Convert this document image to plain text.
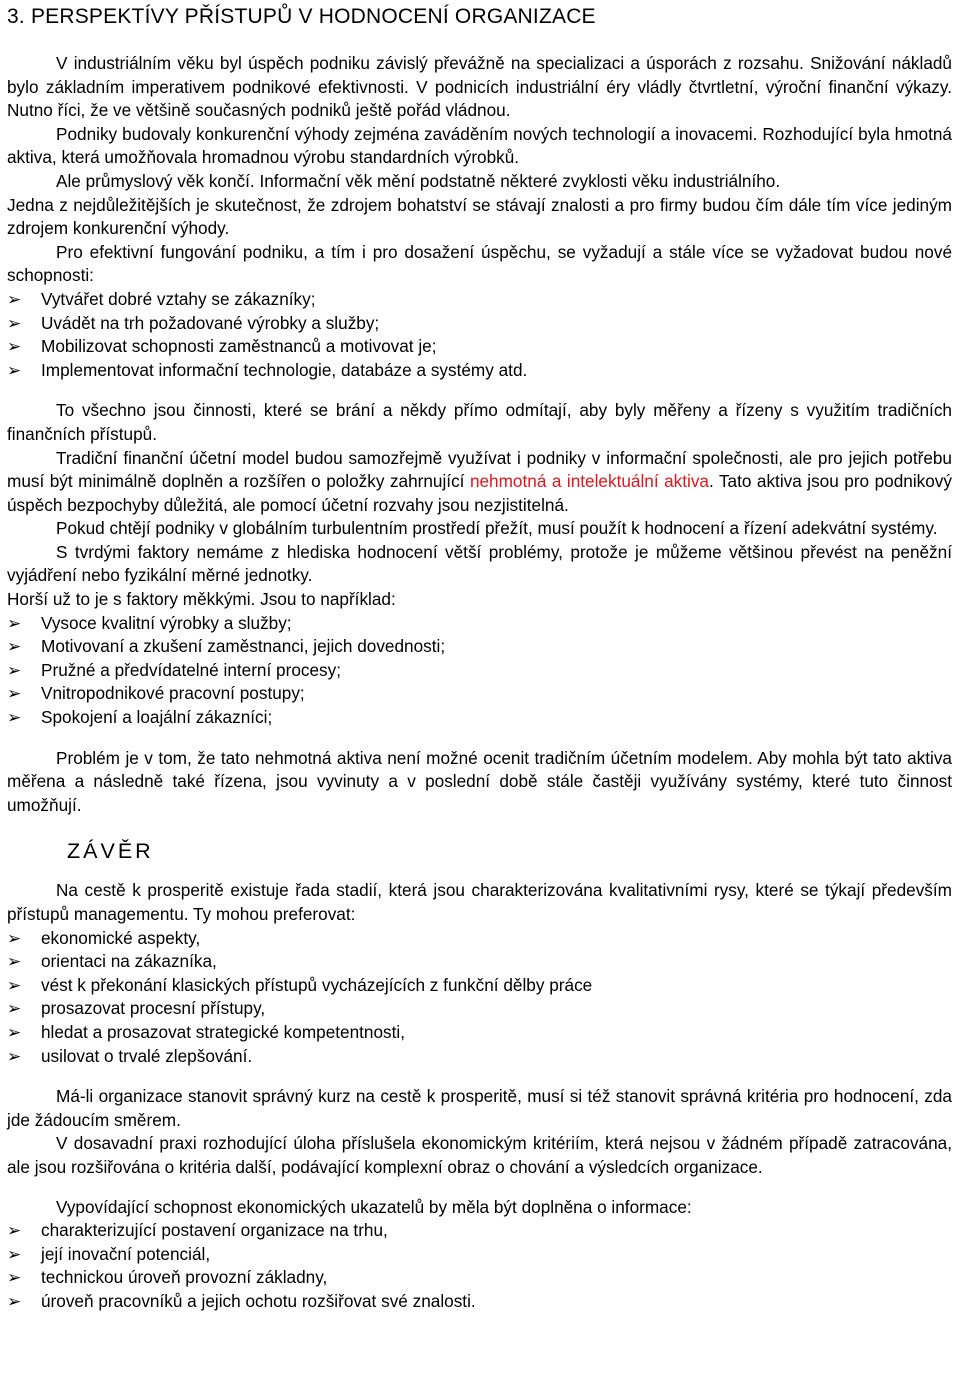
3. PERSPEKTÍVY PŘÍSTUPŮ V HODNOCENÍ ORGANIZACE

V industriálním věku byl úspěch podniku závislý převážně na specializaci a úsporách z rozsahu. Snižování nákladů bylo základním imperativem podnikové efektivnosti. V podnicích industriální éry vládly čtvrtletní, výroční finanční výkazy. Nutno říci, že ve většině současných podniků ještě pořád vládnou.

Podniky budovaly konkurenční výhody zejména zaváděním nových technologií a inovacemi. Rozhodující byla hmotná aktiva, která umožňovala hromadnou výrobu standardních výrobků.

Ale průmyslový věk končí. Informační věk mění podstatně některé zvyklosti věku industriálního.

Jedna z nejdůležitějších je skutečnost, že zdrojem bohatství se stávají znalosti a pro firmy budou čím dále tím více jediným zdrojem konkurenční výhody.

Pro efektivní fungování podniku, a tím i pro dosažení úspěchu, se vyžadují a stále více se vyžadovat budou nové schopnosti:

➢ Vytvářet dobré vztahy se zákazníky;
➢ Uvádět na trh požadované výrobky a služby;
➢ Mobilizovat schopnosti zaměstnanců a motivovat je;
➢ Implementovat informační technologie, databáze a systémy atd.

To všechno jsou činnosti, které se brání a někdy přímo odmítají, aby byly měřeny a řízeny s využitím tradičních finančních přístupů.

Tradiční finanční účetní model budou samozřejmě využívat i podniky v informační společnosti, ale pro jejich potřebu musí být minimálně doplněn a rozšířen o položky zahrnující nehmotná a intelektuální aktiva. Tato aktiva jsou pro podnikový úspěch bezpochyby důležitá, ale pomocí účetní rozvahy jsou nezjistitelná.

Pokud chtějí podniky v globálním turbulentním prostředí přežít, musí použít k hodnocení a řízení adekvátní systémy.

S tvrdými faktory nemáme z hlediska hodnocení větší problémy, protože je můžeme většinou převést na peněžní vyjádření nebo fyzikální měrné jednotky.

Horší už to je s faktory měkkými. Jsou to například:

➢ Vysoce kvalitní výrobky a služby;
➢ Motivovaní a zkušení zaměstnanci, jejich dovednosti;
➢ Pružné a předvídatelné interní procesy;
➢ Vnitropodnikové pracovní postupy;
➢ Spokojení a loajální zákazníci;

Problém je v tom, že tato nehmotná aktiva není možné ocenit tradičním účetním modelem. Aby mohla být tato aktiva měřena a následně také řízena, jsou vyvinuty a v poslední době stále častěji využívány systémy, které tuto činnost umožňují.

ZÁVĚR

Na cestě k prosperitě existuje řada stadií, která jsou charakterizována kvalitativními rysy, které se týkají především přístupů managementu. Ty mohou preferovat:

➢ ekonomické aspekty,
➢ orientaci na zákazníka,
➢ vést k překonání klasických přístupů vycházejících z funkční dělby práce
➢ prosazovat procesní přístupy,
➢ hledat a prosazovat strategické kompetentnosti,
➢ usilovat o trvalé zlepšování.

Má-li organizace stanovit správný kurz na cestě k prosperitě, musí si též stanovit správná kritéria pro hodnocení, zda jde žádoucím směrem.

V dosavadní praxi rozhodující úloha příslušela ekonomickým kritériím, která nejsou v žádném případě zatracována, ale jsou rozšiřována o kritéria další, podávající komplexní obraz o chování a výsledcích organizace.

Vypovídající schopnost ekonomických ukazatelů by měla být doplněna o informace:

➢ charakterizující postavení organizace na trhu,
➢ její inovační potenciál,
➢ technickou úroveň provozní základny,
➢ úroveň pracovníků a jejich ochotu rozšiřovat své znalosti.
